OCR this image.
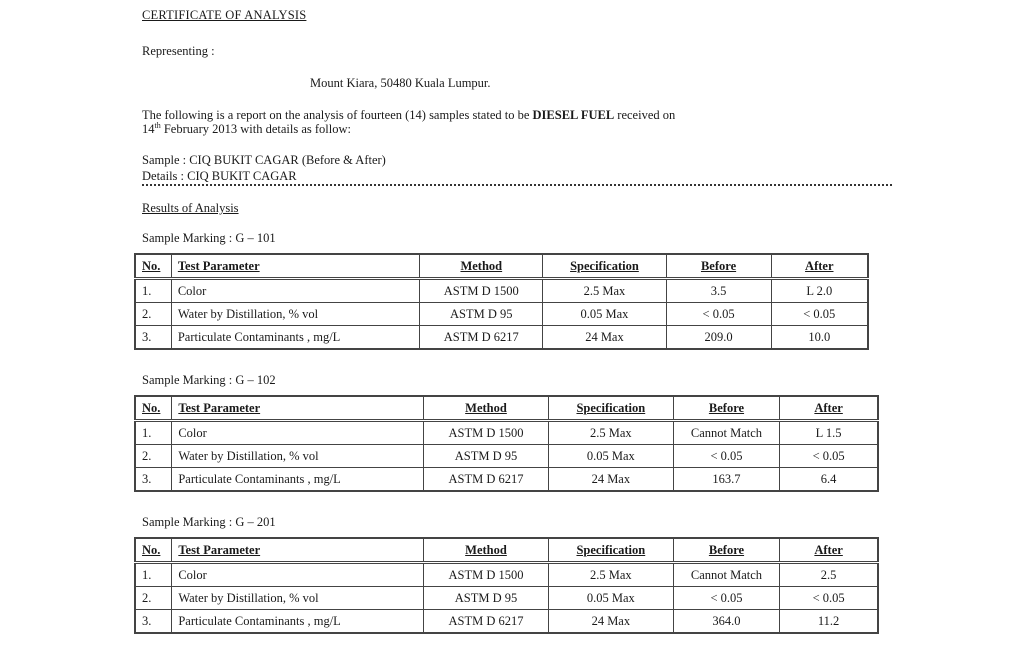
CERTIFICATE OF ANALYSIS
Representing :
Mount Kiara, 50480 Kuala Lumpur.
The following is a report on the analysis of fourteen (14) samples stated to be DIESEL FUEL received on
14th February 2013 with details as follow:
Sample : CIQ BUKIT CAGAR (Before & After)
Details : CIQ BUKIT CAGAR
Results of Analysis
Sample Marking : G – 101
No.	Test Parameter	Method	Specification	Before	After
1.	Color	ASTM D 1500	2.5 Max	3.5	L 2.0
2.	Water by Distillation, % vol	ASTM D 95	0.05 Max	< 0.05	< 0.05
3.	Particulate Contaminants , mg/L	ASTM D 6217	24 Max	209.0	10.0
Sample Marking : G – 102
No.	Test Parameter	Method	Specification	Before	After
1.	Color	ASTM D 1500	2.5 Max	Cannot Match	L 1.5
2.	Water by Distillation, % vol	ASTM D 95	0.05 Max	< 0.05	< 0.05
3.	Particulate Contaminants , mg/L	ASTM D 6217	24 Max	163.7	6.4
Sample Marking : G – 201
No.	Test Parameter	Method	Specification	Before	After
1.	Color	ASTM D 1500	2.5 Max	Cannot Match	2.5
2.	Water by Distillation, % vol	ASTM D 95	0.05 Max	< 0.05	< 0.05
3.	Particulate Contaminants , mg/L	ASTM D 6217	24 Max	364.0	11.2
